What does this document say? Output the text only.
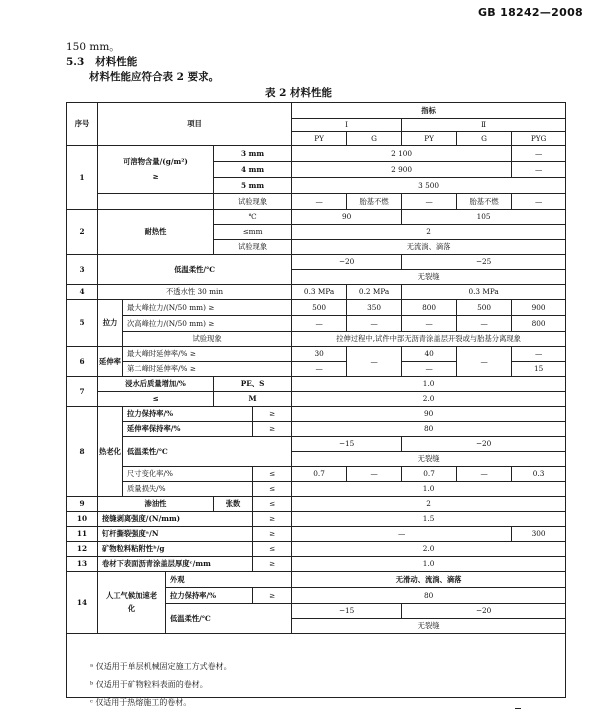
GB 18242—2008
150 mm。
5.3 材料性能
材料性能应符合表 2 要求。
表 2 材料性能
序号	项目					指标				
						Ⅰ		Ⅱ		
						PY	G	PY	G	PYG
1	可溶物含量/(g/m²)

≥			3 mm		2 100				—
				4 mm		2 900				—
				5 mm		3 500				
				试验现象		—	胎基不燃	—	胎基不燃	—
2	耐热性			℃		90		105		
				≤mm		2				
				试验现象		无流淌、滴落				
3	低温柔性/℃					−20		−25		
						无裂缝				
4	不透水性 30 min					0.3 MPa	0.2 MPa	0.3 MPa		
5	拉力	最大峰拉力/(N/50 mm) ≥				500	350	800	500	900
		次高峰拉力/(N/50 mm) ≥				—	—	—	—	800
		试验现象				拉伸过程中,试件中部无沥青涂盖层开裂或与胎基分离现象				
6	延伸率	最大峰时延伸率/% ≥				30	—	40	—	—
		第二峰时延伸率/% ≥				—		—		15
7	浸水后质量增加/%			PE、S		1.0				
	≤			M		2.0				
8	热老化	拉力保持率/%			≥	90				
		延伸率保持率/%			≥	80				
		低温柔性/℃				−15		−20		
						无裂缝				
		尺寸变化率/%			≤	0.7	—	0.7	—	0.3
		质量损失/%			≤	1.0				
9	渗油性			张数	≤	2				
10	接缝剥离强度/(N/mm)				≥	1.5				
11	钉杆撕裂强度ᵃ/N				≥	—				300
12	矿物粒料粘附性ᵇ/g				≤	2.0				
13	卷材下表面沥青涂盖层厚度ᶜ/mm				≥	1.0				
14	人工气候加速老化		外观			无滑动、流淌、滴落				
			拉力保持率/%		≥	80				
			低温柔性/℃			−15		−20		
						无裂缝				

ᵃ 仅适用于单层机械固定施工方式卷材。
ᵇ 仅适用于矿物粒料表面的卷材。
ᶜ 仅适用于热熔施工的卷材。
